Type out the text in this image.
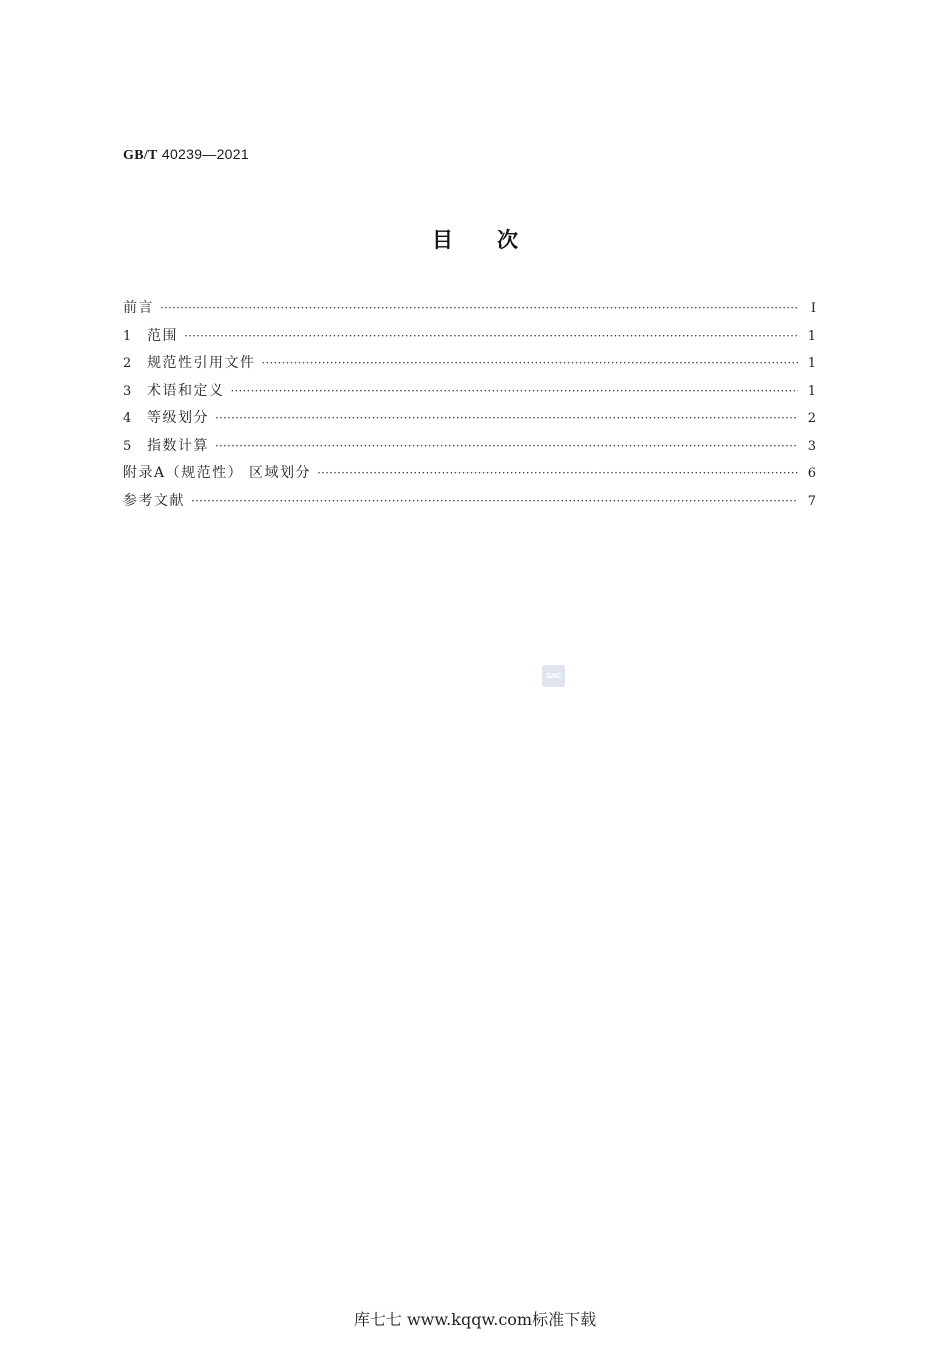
GB/T 40239—2021
目次
前言 ·····	Ⅰ
1	范围 ·····	1
2	规范性引用文件 ·····	1
3	术语和定义 ·····	1
4	等级划分 ·····	2
5	指数计算 ·····	3
附录A（规范性） 区域划分 ·····	6
参考文献 ·····	7
SAC
库七七 www.kqqw.com标准下载
